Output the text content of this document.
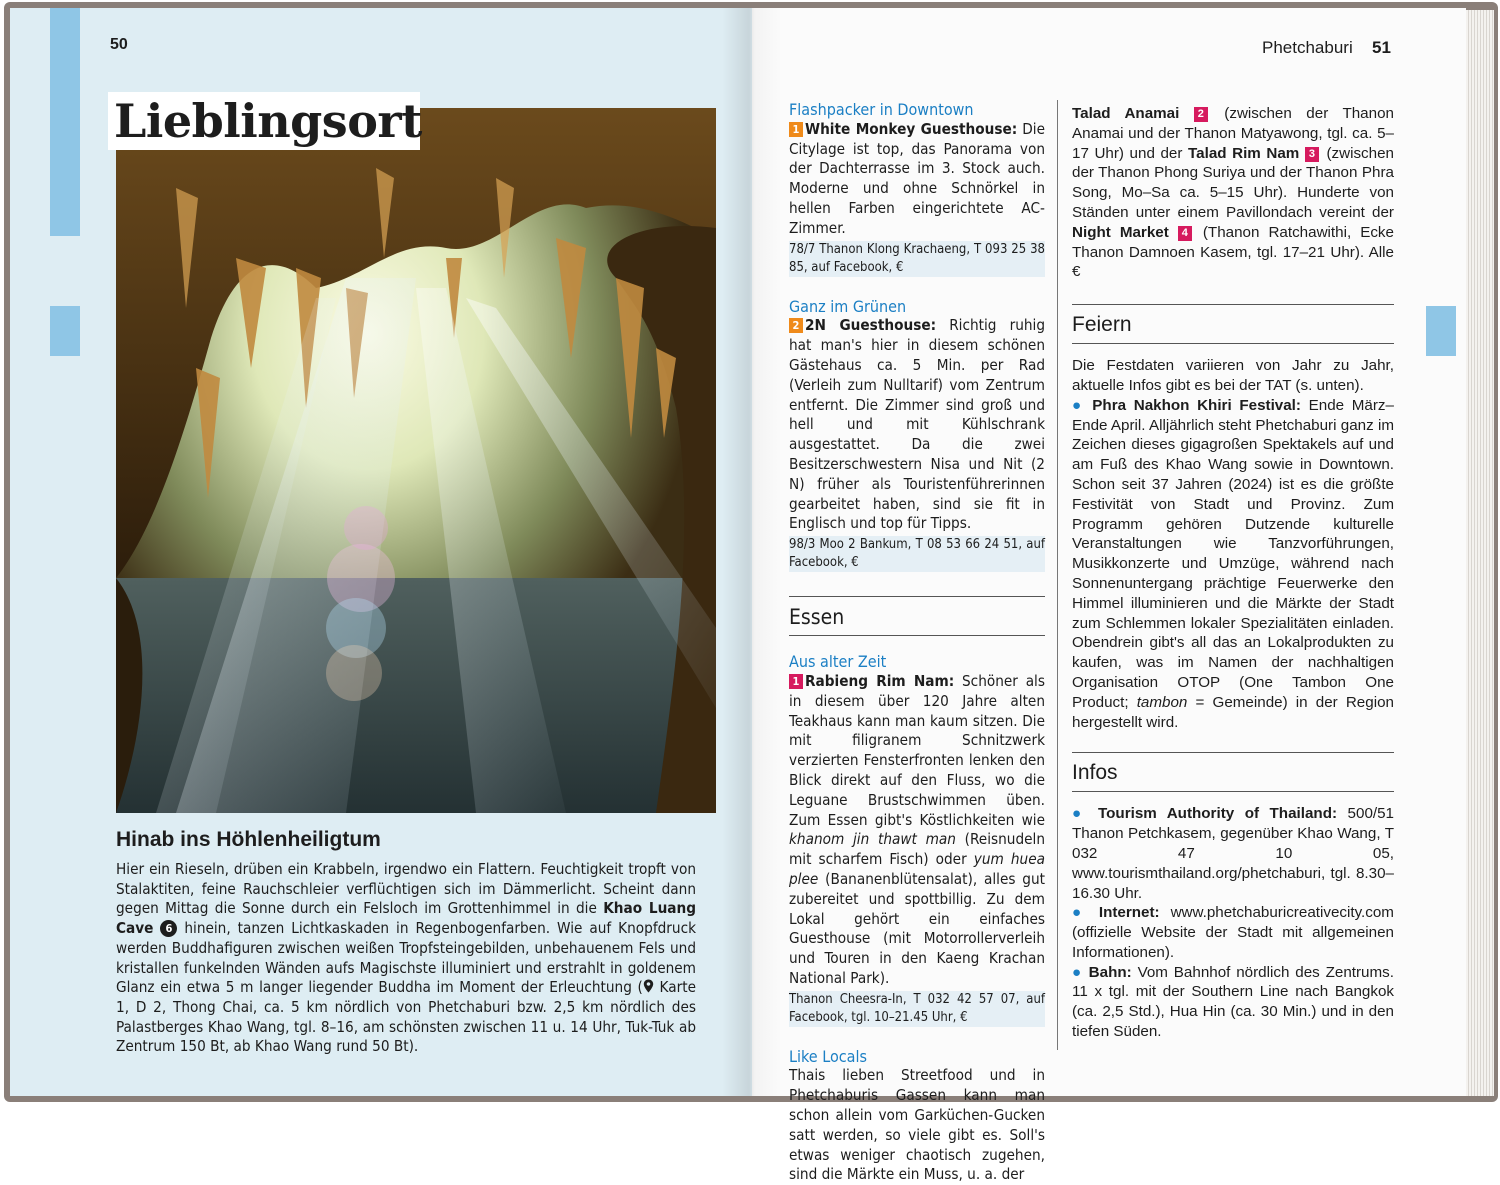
50
Lieblingsort
Hinab ins Höhlenheiligtum
Hier ein Rieseln, drüben ein Krabbeln, irgendwo ein Flattern. Feuchtigkeit tropft von Stalaktiten, feine Rauchschleier verflüchtigen sich im Dämmerlicht. Scheint dann gegen Mittag die Sonne durch ein Felsloch im Grottenhimmel in die Khao Luang Cave 6 hinein, tanzen Lichtkaskaden in Regenbogenfarben. Wie auf Knopfdruck werden Buddhafiguren zwischen weißen Tropfsteingebilden, unbehauenem Fels und kristallen funkelnden Wänden aufs Magischste illuminiert und erstrahlt in goldenem Glanz ein etwa 5 m langer liegender Buddha im Moment der Erleuchtung ( Karte 1, D 2, Thong Chai, ca. 5 km nördlich von Phetchaburi bzw. 2,5 km nördlich des Palastberges Khao Wang, tgl. 8–16, am schönsten zwischen 11 u. 14 Uhr, Tuk-Tuk ab Zentrum 150 Bt, ab Khao Wang rund 50 Bt).
Phetchaburi 51
Flashpacker in Downtown
1 White Monkey Guesthouse: Die Citylage ist top, das Panorama von der Dachterrasse im 3. Stock auch. Moderne und ohne Schnörkel in hellen Farben eingerichtete AC-Zimmer.
78/7 Thanon Klong Krachaeng, T 093 25 38 85, auf Facebook, €
Ganz im Grünen
2 2N Guesthouse: Richtig ruhig hat man's hier in diesem schönen Gästehaus ca. 5 Min. per Rad (Verleih zum Nulltarif) vom Zentrum entfernt. Die Zimmer sind groß und hell und mit Kühlschrank ausgestattet. Da die zwei Besitzerschwestern Nisa und Nit (2 N) früher als Touristenführerinnen gearbeitet haben, sind sie fit in Englisch und top für Tipps.
98/3 Moo 2 Bankum, T 08 53 66 24 51, auf Facebook, €
Essen
Aus alter Zeit
1 Rabieng Rim Nam: Schöner als in diesem über 120 Jahre alten Teakhaus kann man kaum sitzen. Die mit filigranem Schnitzwerk verzierten Fensterfronten lenken den Blick direkt auf den Fluss, wo die Leguane Brustschwimmen üben. Zum Essen gibt's Köstlichkeiten wie khanom jin thawt man (Reisnudeln mit scharfem Fisch) oder yum huea plee (Bananenblütensalat), alles gut zubereitet und spottbillig. Zu dem Lokal gehört ein einfaches Guesthouse (mit Motorrollerverleih und Touren in den Kaeng Krachan National Park).
Thanon Cheesra-In, T 032 42 57 07, auf Facebook, tgl. 10–21.45 Uhr, €
Like Locals
Thais lieben Streetfood und in Phetchaburis Gassen kann man schon allein vom Garküchen-Gucken satt werden, so viele gibt es. Soll's etwas weniger chaotisch zugehen, sind die Märkte ein Muss, u. a. der
Talad Anamai 2 (zwischen der Thanon Anamai und der Thanon Matyawong, tgl. ca. 5–17 Uhr) und der Talad Rim Nam 3 (zwischen der Thanon Phong Suriya und der Thanon Phra Song, Mo–Sa ca. 5–15 Uhr). Hunderte von Ständen unter einem Pavillondach vereint der Night Market 4 (Thanon Ratchawithi, Ecke Thanon Damnoen Kasem, tgl. 17–21 Uhr). Alle €
Feiern
Die Festdaten variieren von Jahr zu Jahr, aktuelle Infos gibt es bei der TAT (s. unten).
● Phra Nakhon Khiri Festival: Ende März–Ende April. Alljährlich steht Phetchaburi ganz im Zeichen dieses gigagroßen Spektakels auf und am Fuß des Khao Wang sowie in Downtown. Schon seit 37 Jahren (2024) ist es die größte Festivität von Stadt und Provinz. Zum Programm gehören Dutzende kulturelle Veranstaltungen wie Tanzvorführungen, Musikkonzerte und Umzüge, während nach Sonnenuntergang prächtige Feuerwerke den Himmel illuminieren und die Märkte der Stadt zum Schlemmen lokaler Spezialitäten einladen. Obendrein gibt's all das an Lokalprodukten zu kaufen, was im Namen der nachhaltigen Organisation OTOP (One Tambon One Product; tambon = Gemeinde) in der Region hergestellt wird.
Infos
● Tourism Authority of Thailand: 500/51 Thanon Petchkasem, gegenüber Khao Wang, T 032 47 10 05, www.tourismthailand.org/phetchaburi, tgl. 8.30–16.30 Uhr.
● Internet: www.phetchaburicreativecity.com (offizielle Website der Stadt mit allgemeinen Informationen).
● Bahn: Vom Bahnhof nördlich des Zentrums. 11 x tgl. mit der Southern Line nach Bangkok (ca. 2,5 Std.), Hua Hin (ca. 30 Min.) und in den tiefen Süden.
